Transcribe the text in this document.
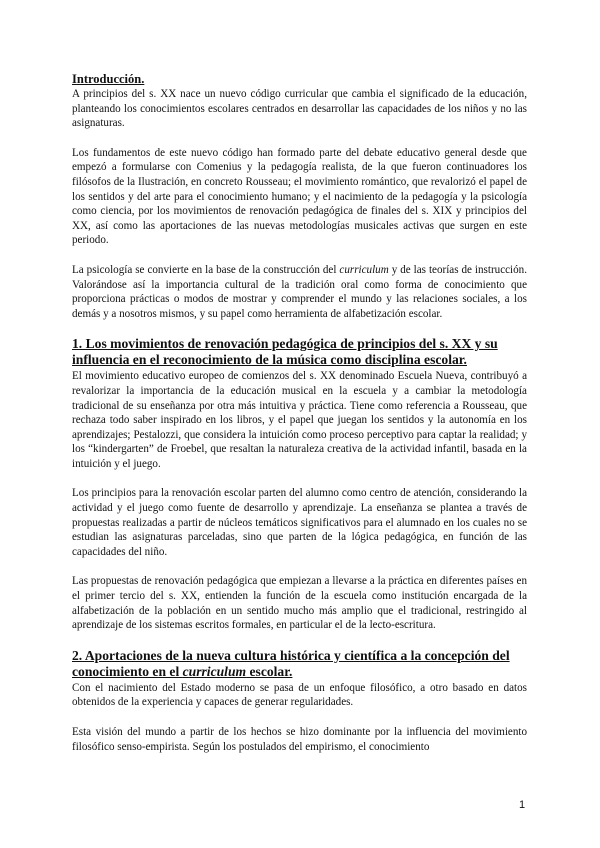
Introducción.

A principios del s. XX nace un nuevo código curricular que cambia el significado de la educación, planteando los conocimientos escolares centrados en desarrollar las capacidades de los niños y no las asignaturas.

Los fundamentos de este nuevo código han formado parte del debate educativo general desde que empezó a formularse con Comenius y la pedagogía realista, de la que fueron continuadores los filósofos de la Ilustración, en concreto Rousseau; el movimiento romántico, que revalorizó el papel de los sentidos y del arte para el conocimiento humano; y el nacimiento de la pedagogía y la psicología como ciencia, por los movimientos de renovación pedagógica de finales del s. XIX y principios del XX, así como las aportaciones de las nuevas metodologías musicales activas que surgen en este periodo.

La psicología se convierte en la base de la construcción del curriculum y de las teorías de instrucción. Valorándose así la importancia cultural de la tradición oral como forma de conocimiento que proporciona prácticas o modos de mostrar y comprender el mundo y las relaciones sociales, a los demás y a nosotros mismos, y su papel como herramienta de alfabetización escolar.

1. Los movimientos de renovación pedagógica de principios del s. XX y su influencia en el reconocimiento de la música como disciplina escolar.

El movimiento educativo europeo de comienzos del s. XX denominado Escuela Nueva, contribuyó a revalorizar la importancia de la educación musical en la escuela y a cambiar la metodología tradicional de su enseñanza por otra más intuitiva y práctica. Tiene como referencia a Rousseau, que rechaza todo saber inspirado en los libros, y el papel que juegan los sentidos y la autonomía en los aprendizajes; Pestalozzi, que considera la intuición como proceso perceptivo para captar la realidad; y los “kindergarten” de Froebel, que resaltan la naturaleza creativa de la actividad infantil, basada en la intuición y el juego.

Los principios para la renovación escolar parten del alumno como centro de atención, considerando la actividad y el juego como fuente de desarrollo y aprendizaje. La enseñanza se plantea a través de propuestas realizadas a partir de núcleos temáticos significativos para el alumnado en los cuales no se estudian las asignaturas parceladas, sino que parten de la lógica pedagógica, en función de las capacidades del niño.

Las propuestas de renovación pedagógica que empiezan a llevarse a la práctica en diferentes países en el primer tercio del s. XX, entienden la función de la escuela como institución encargada de la alfabetización de la población en un sentido mucho más amplio que el tradicional, restringido al aprendizaje de los sistemas escritos formales, en particular el de la lecto-escritura.

2. Aportaciones de la nueva cultura histórica y científica a la concepción del conocimiento en el curriculum escolar.

Con el nacimiento del Estado moderno se pasa de un enfoque filosófico, a otro basado en datos obtenidos de la experiencia y capaces de generar regularidades.

Esta visión del mundo a partir de los hechos se hizo dominante por la influencia del movimiento filosófico senso-empirista. Según los postulados del empirismo, el conocimiento

1
